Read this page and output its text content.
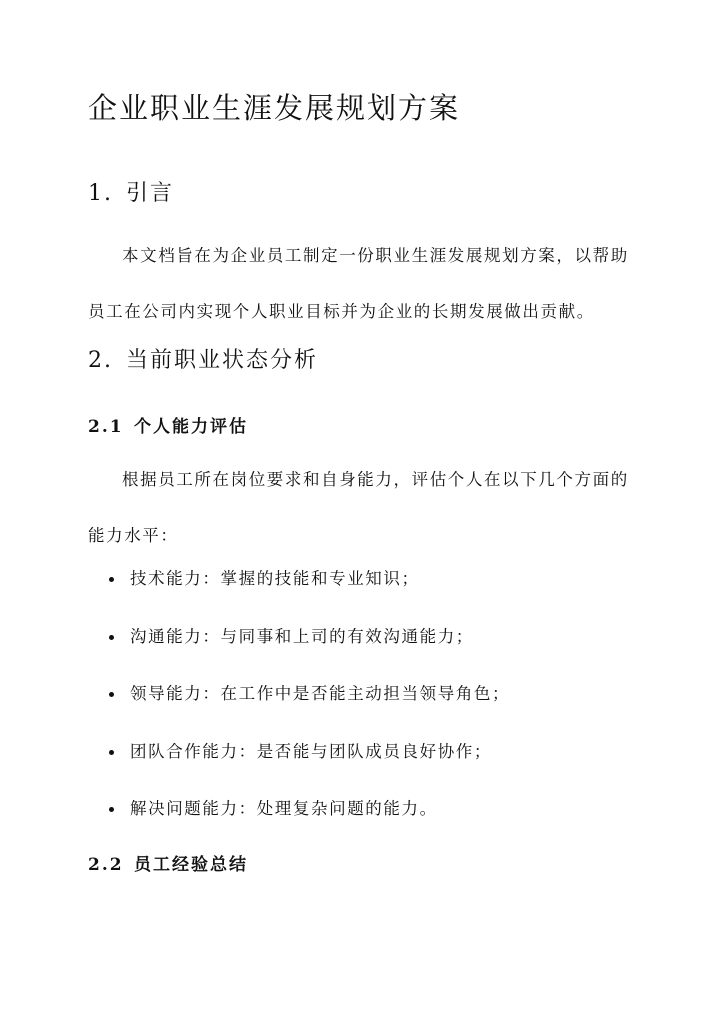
企业职业生涯发展规划方案
1. 引言
本文档旨在为企业员工制定一份职业生涯发展规划方案，以帮助员工在公司内实现个人职业目标并为企业的长期发展做出贡献。
2. 当前职业状态分析
2.1 个人能力评估
根据员工所在岗位要求和自身能力，评估个人在以下几个方面的能力水平：
技术能力：掌握的技能和专业知识；
沟通能力：与同事和上司的有效沟通能力；
领导能力：在工作中是否能主动担当领导角色；
团队合作能力：是否能与团队成员良好协作；
解决问题能力：处理复杂问题的能力。
2.2 员工经验总结
